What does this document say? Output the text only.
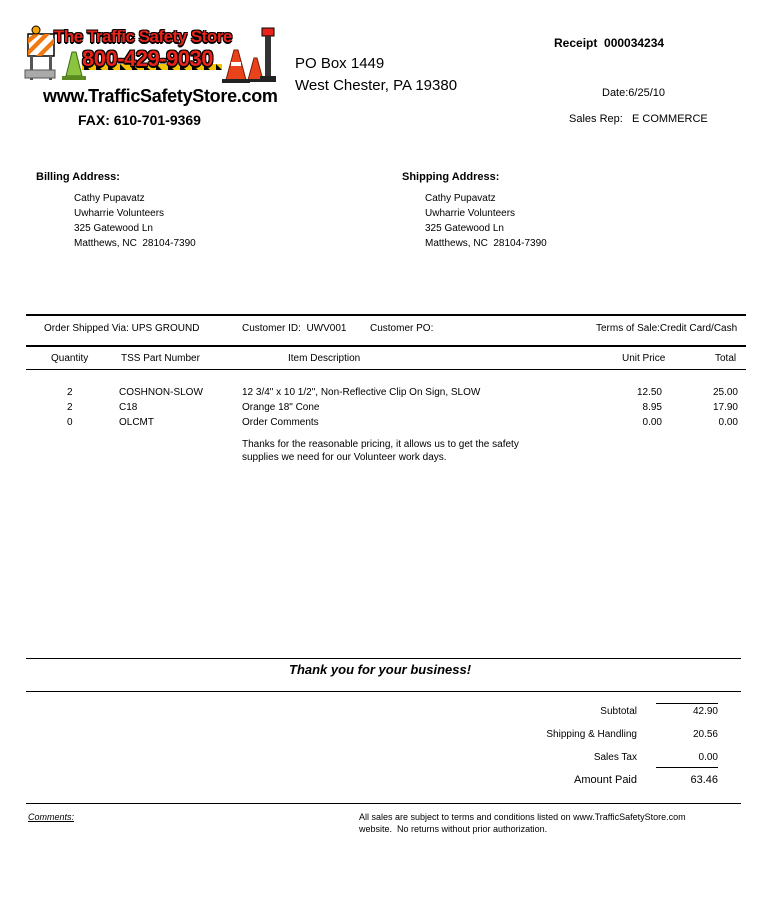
The Traffic Safety Store
800-429-9030
www.TrafficSafetyStore.com
FAX: 610-701-9369
PO Box 1449
West Chester, PA 19380
Receipt  000034234
Date:6/25/10
Sales Rep:   E COMMERCE
Billing Address:
Cathy Pupavatz
Uwharrie Volunteers
325 Gatewood Ln
Matthews, NC  28104-7390
Shipping Address:
Cathy Pupavatz
Uwharrie Volunteers
325 Gatewood Ln
Matthews, NC  28104-7390
Order Shipped Via: UPS GROUND	Customer ID:  UWV001 Customer PO:	Terms of Sale:Credit Card/Cash
Quantity	TSS Part Number	Item Description	Unit Price	Total
2	COSHNON-SLOW	12 3/4" x 10 1/2", Non-Reflective Clip On Sign, SLOW	12.50	25.00
2	C18	Orange 18" Cone	8.95	17.90
0	OLCMT	Order Comments	0.00	0.00
Thanks for the reasonable pricing, it allows us to get the safety
supplies we need for our Volunteer work days.
Thank you for your business!
Subtotal	42.90
Shipping & Handling	20.56
Sales Tax	0.00
Amount Paid	63.46
Comments:	All sales are subject to terms and conditions listed on www.TrafficSafetyStore.com
website.  No returns without prior authorization.
